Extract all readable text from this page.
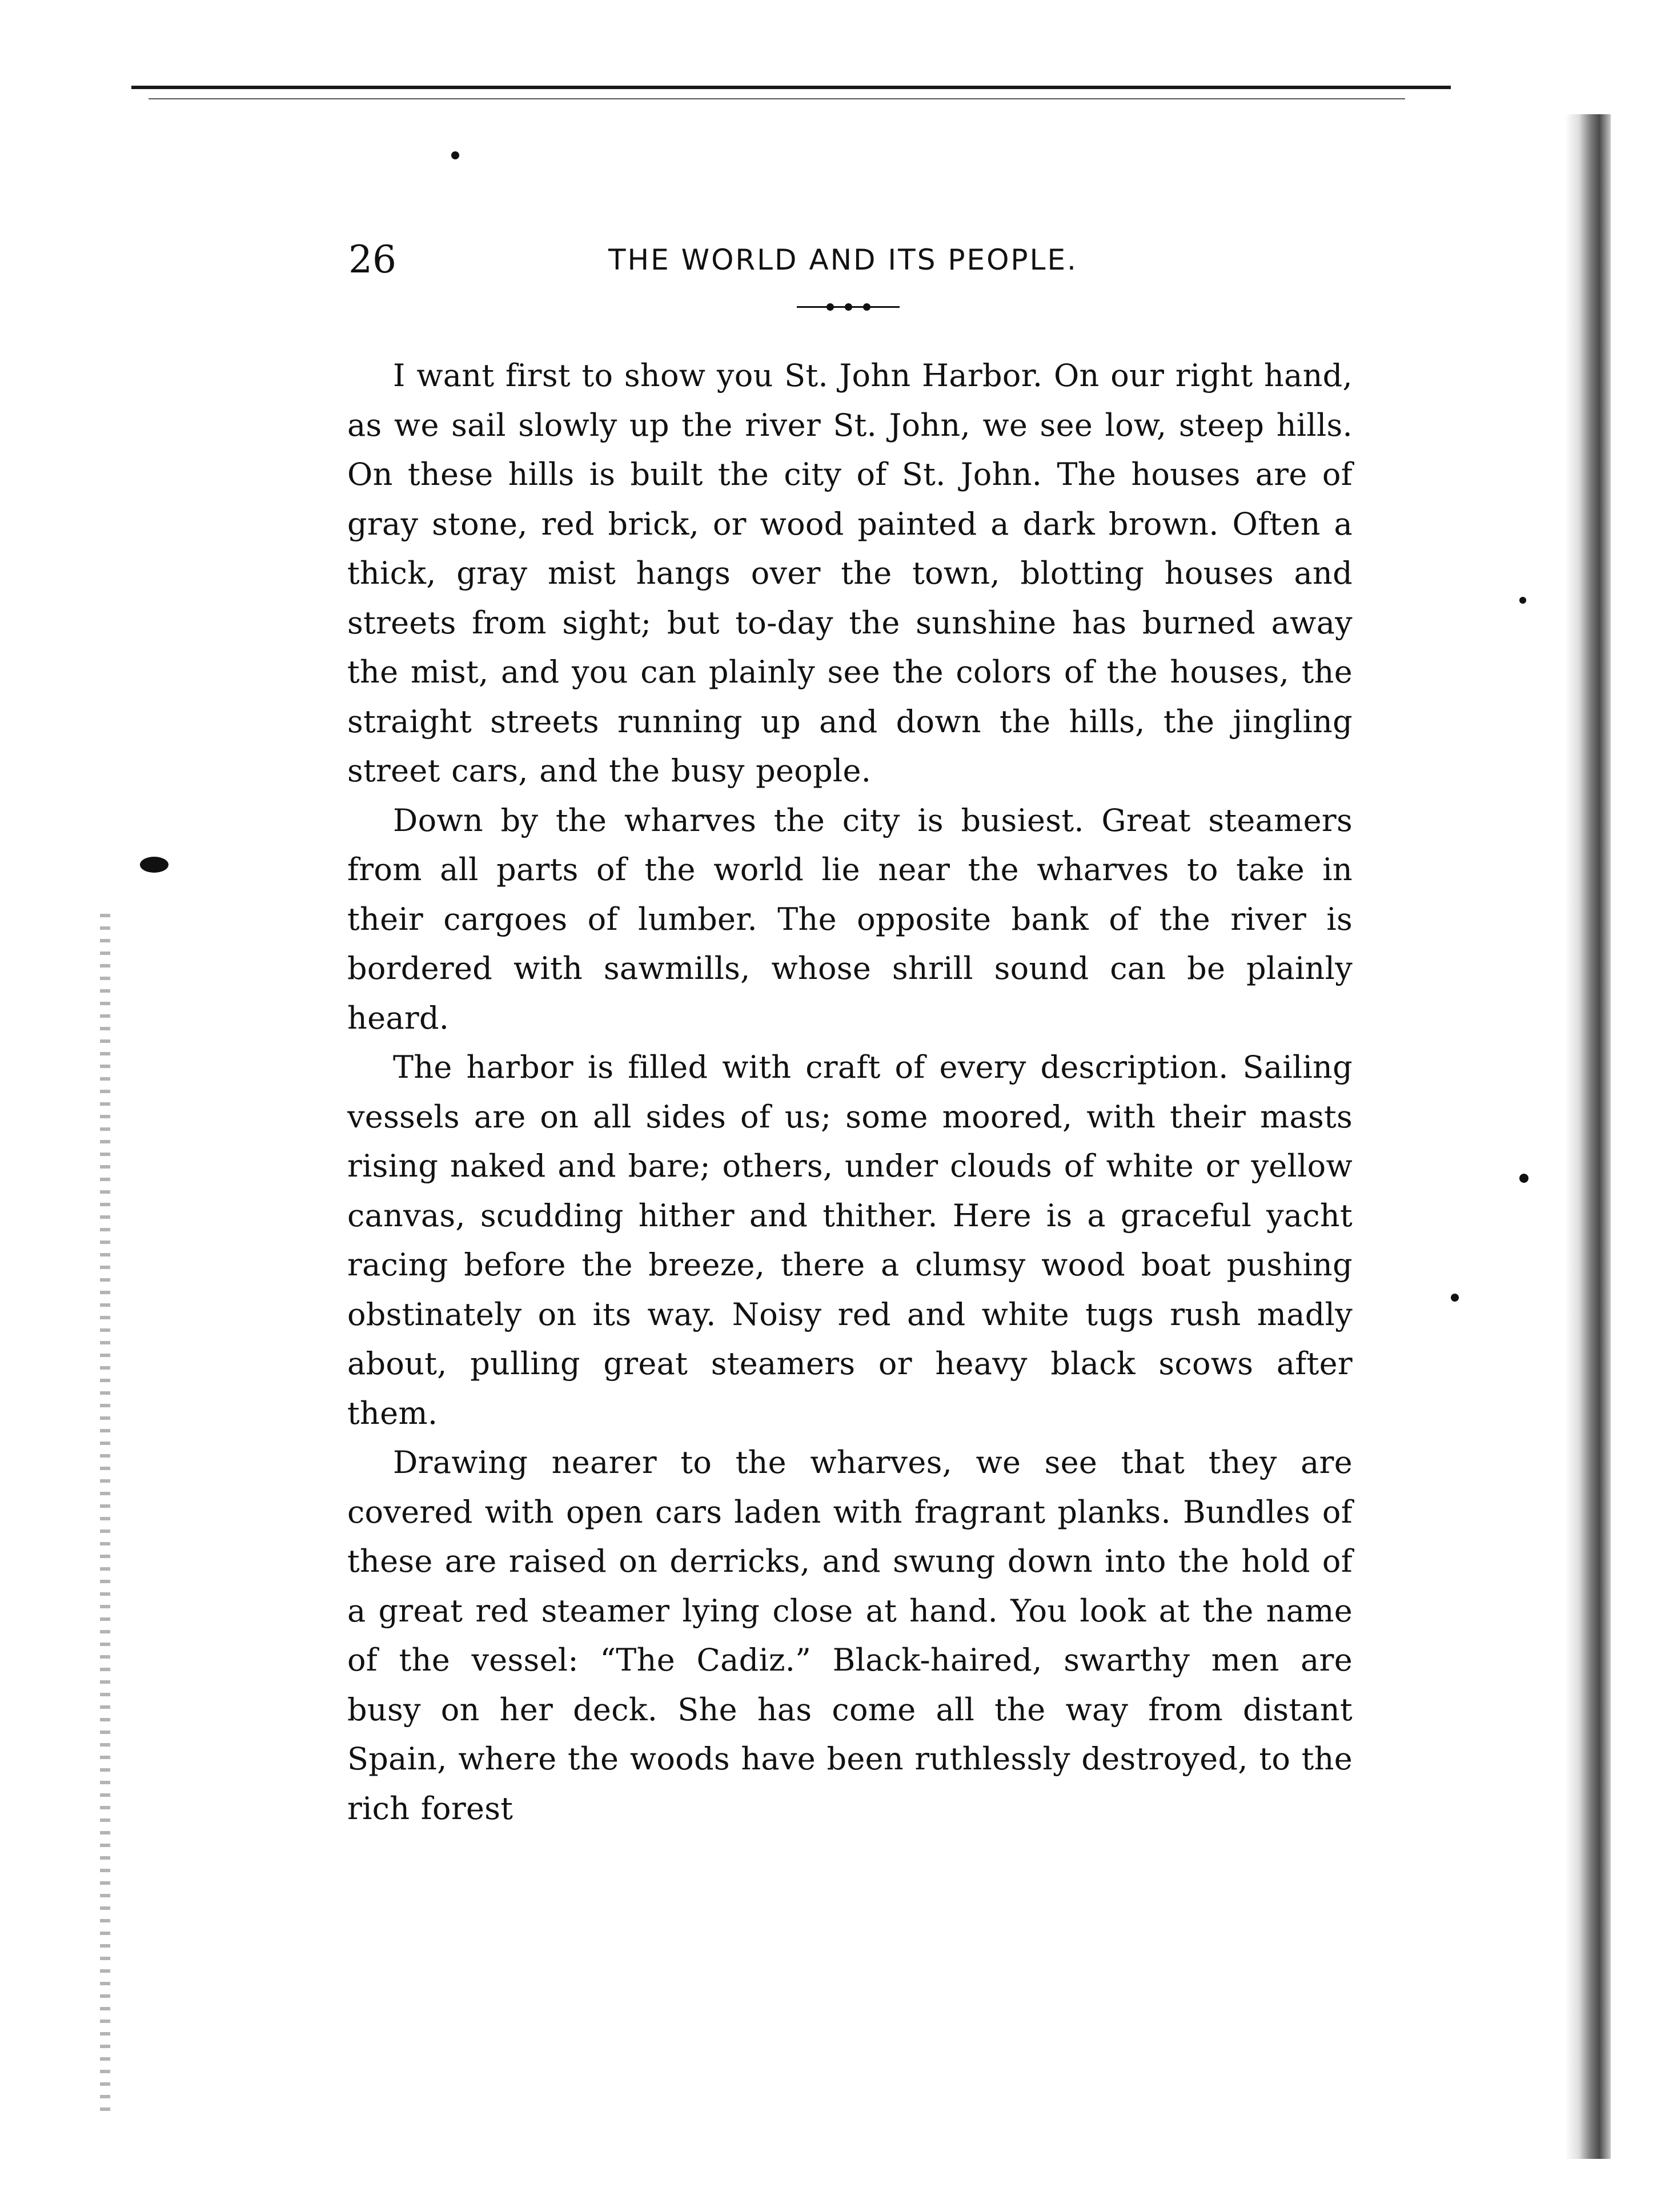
26	THE WORLD AND ITS PEOPLE.

I want first to show you St. John Harbor. On our right hand, as we sail slowly up the river St. John, we see low, steep hills. On these hills is built the city of St. John. The houses are of gray stone, red brick, or wood painted a dark brown. Often a thick, gray mist hangs over the town, blotting houses and streets from sight; but to-day the sunshine has burned away the mist, and you can plainly see the colors of the houses, the straight streets running up and down the hills, the jingling street cars, and the busy people.

Down by the wharves the city is busiest. Great steamers from all parts of the world lie near the wharves to take in their cargoes of lumber. The opposite bank of the river is bordered with sawmills, whose shrill sound can be plainly heard.

The harbor is filled with craft of every description. Sailing vessels are on all sides of us; some moored, with their masts rising naked and bare; others, under clouds of white or yellow canvas, scudding hither and thither. Here is a graceful yacht racing before the breeze, there a clumsy wood boat pushing obstinately on its way. Noisy red and white tugs rush madly about, pulling great steamers or heavy black scows after them.

Drawing nearer to the wharves, we see that they are covered with open cars laden with fragrant planks. Bundles of these are raised on derricks, and swung down into the hold of a great red steamer lying close at hand. You look at the name of the vessel: “The Cadiz.” Black-haired, swarthy men are busy on her deck. She has come all the way from distant Spain, where the woods have been ruthlessly destroyed, to the rich forest
